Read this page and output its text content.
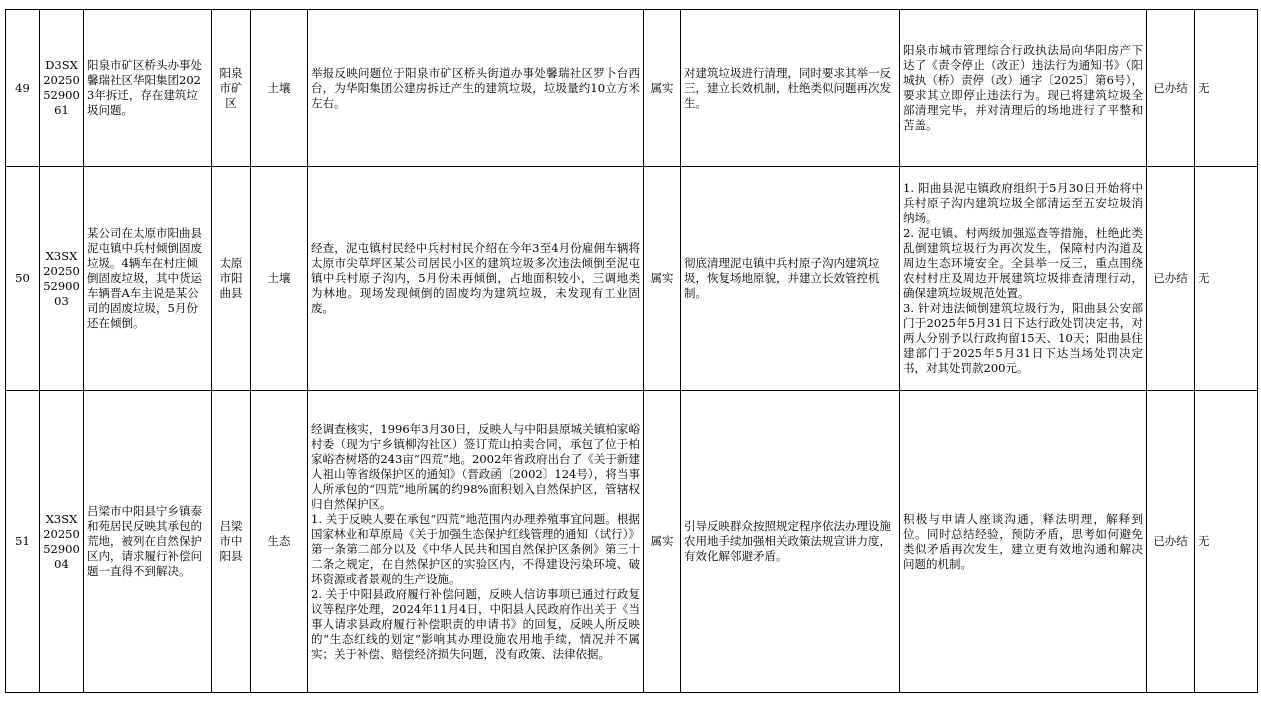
49	D3SX202505290061	阳泉市矿区桥头办事处馨瑞社区华阳集团2023年拆迁，存在建筑垃圾问题。	阳泉市矿区	土壤	举报反映问题位于阳泉市矿区桥头街道办事处馨瑞社区罗卜台西台，为华阳集团公建房拆迁产生的建筑垃圾，垃圾量约10立方米左右。	属实	对建筑垃圾进行清理，同时要求其举一反三，建立长效机制，杜绝类似问题再次发生。	阳泉市城市管理综合行政执法局向华阳房产下达了《责令停止（改正）违法行为通知书》（阳城执（桥）责停（改）通字〔2025〕第6号），要求其立即停止违法行为。现已将建筑垃圾全部清理完毕，并对清理后的场地进行了平整和苫盖。	已办结	无
50	X3SX202505290003	某公司在太原市阳曲县泥屯镇中兵村倾倒固废垃圾。4辆车在村庄倾倒固废垃圾，其中货运车辆晋A车主说是某公司的固废垃圾，5月份还在倾倒。	太原市阳曲县	土壤	经查，泥屯镇村民经中兵村村民介绍在今年3至4月份雇佣车辆将太原市尖草坪区某公司居民小区的建筑垃圾多次违法倾倒至泥屯镇中兵村原子沟内，5月份未再倾倒，占地面积较小，三调地类为林地。现场发现倾倒的固废均为建筑垃圾，未发现有工业固废。	属实	彻底清理泥屯镇中兵村原子沟内建筑垃圾，恢复场地原貌，并建立长效管控机制。	1. 阳曲县泥屯镇政府组织于5月30日开始将中兵村原子沟内建筑垃圾全部清运至五安垃圾消纳场。
2. 泥屯镇、村两级加强巡查等措施，杜绝此类乱倒建筑垃圾行为再次发生，保障村内沟道及周边生态环境安全。全县举一反三，重点围绕农村村庄及周边开展建筑垃圾排查清理行动，确保建筑垃圾规范处置。
3. 针对违法倾倒建筑垃圾行为，阳曲县公安部门于2025年5月31日下达行政处罚决定书，对两人分别予以行政拘留15天、10天；阳曲县住建部门于2025年5月31日下达当场处罚决定书，对其处罚款200元。	已办结	无
51	X3SX202505290004	吕梁市中阳县宁乡镇泰和苑居民反映其承包的荒地，被列在自然保护区内，请求履行补偿问题一直得不到解决。	吕梁市中阳县	生态	经调查核实，1996年3月30日，反映人与中阳县原城关镇柏家峪村委（现为宁乡镇柳沟社区）签订荒山拍卖合同，承包了位于柏家峪杏树塔的243亩“四荒”地。2002年省政府出台了《关于新建人祖山等省级保护区的通知》（晋政函〔2002〕124号），将当事人所承包的“四荒”地所属的约98%面积划入自然保护区，管辖权归自然保护区。
1. 关于反映人要在承包“四荒”地范围内办理养殖事宜问题。根据国家林业和草原局《关于加强生态保护红线管理的通知（试行）》第一条第二部分以及《中华人民共和国自然保护区条例》第三十二条之规定，在自然保护区的实验区内，不得建设污染环境、破坏资源或者景观的生产设施。
2. 关于中阳县政府履行补偿问题，反映人信访事项已通过行政复议等程序处理，2024年11月4日，中阳县人民政府作出关于《当事人请求县政府履行补偿职责的申请书》的回复，反映人所反映的“生态红线的划定”影响其办理设施农用地手续，情况并不属实；关于补偿、赔偿经济损失问题，没有政策、法律依据。	属实	引导反映群众按照规定程序依法办理设施农用地手续加强相关政策法规宣讲力度，有效化解邻避矛盾。	积极与申请人座谈沟通，释法明理，解释到位。同时总结经验，预防矛盾，思考如何避免类似矛盾再次发生，建立更有效地沟通和解决问题的机制。	已办结	无
